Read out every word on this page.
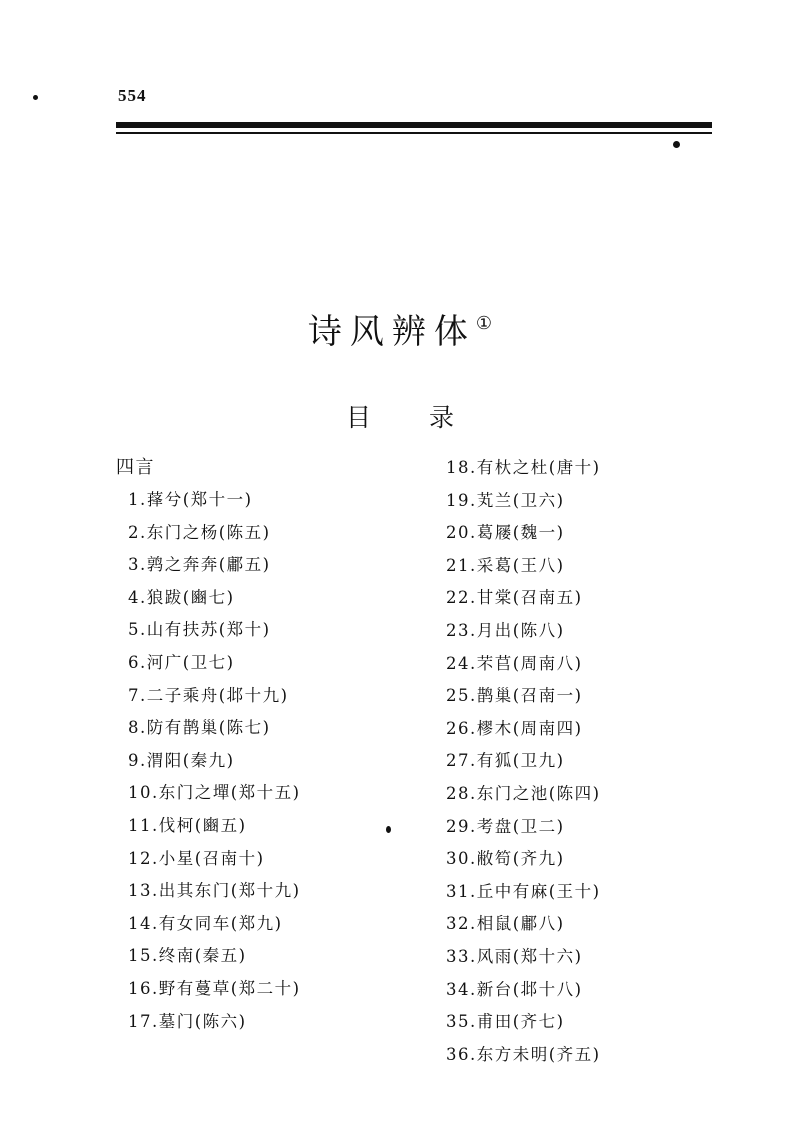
554
诗风辨体①
目 录
四言
1.萚兮(郑十一)
2.东门之杨(陈五)
3.鹑之奔奔(鄘五)
4.狼跋(豳七)
5.山有扶苏(郑十)
6.河广(卫七)
7.二子乘舟(邶十九)
8.防有鹊巢(陈七)
9.渭阳(秦九)
10.东门之墠(郑十五)
11.伐柯(豳五)
12.小星(召南十)
13.出其东门(郑十九)
14.有女同车(郑九)
15.终南(秦五)
16.野有蔓草(郑二十)
17.墓门(陈六)
18.有杕之杜(唐十)
19.芄兰(卫六)
20.葛屦(魏一)
21.采葛(王八)
22.甘棠(召南五)
23.月出(陈八)
24.芣苢(周南八)
25.鹊巢(召南一)
26.樛木(周南四)
27.有狐(卫九)
28.东门之池(陈四)
29.考盘(卫二)
30.敝笱(齐九)
31.丘中有麻(王十)
32.相鼠(鄘八)
33.风雨(郑十六)
34.新台(邶十八)
35.甫田(齐七)
36.东方未明(齐五)
